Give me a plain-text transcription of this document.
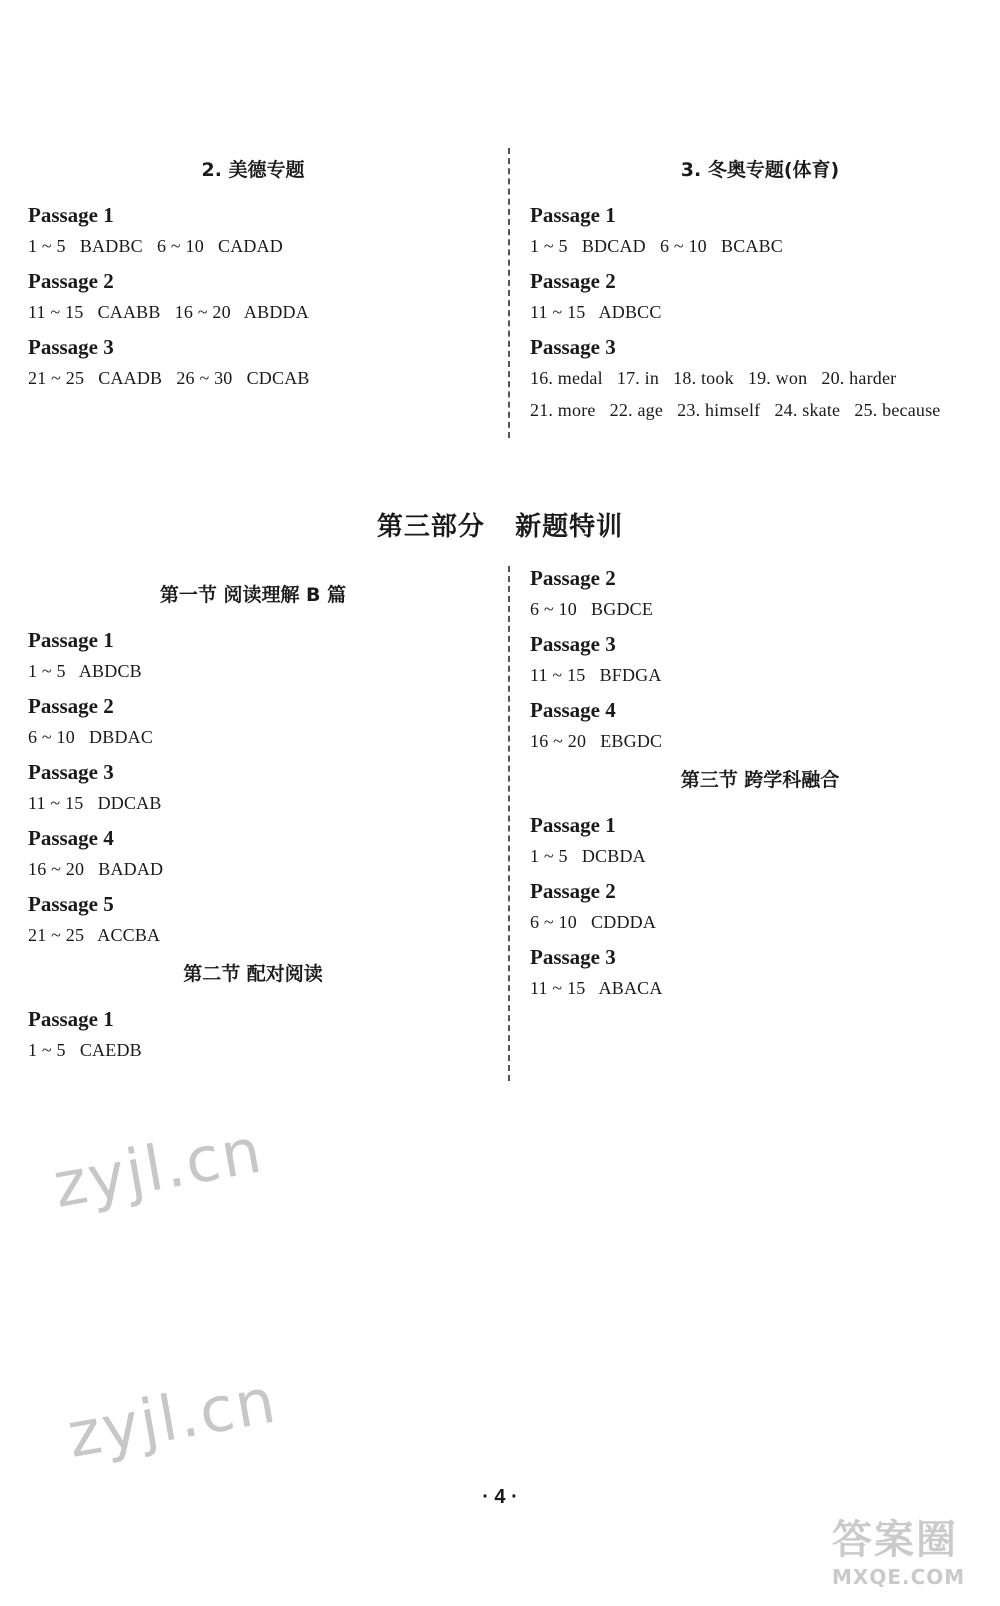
2. 美德专题
Passage 1
1 ~ 5   BADBC   6 ~ 10   CADAD
Passage 2
11 ~ 15   CAABB   16 ~ 20   ABDDA
Passage 3
21 ~ 25   CAADB   26 ~ 30   CDCAB
3. 冬奥专题(体育)
Passage 1
1 ~ 5   BDCAD   6 ~ 10   BCABC
Passage 2
11 ~ 15   ADBCC
Passage 3
16. medal   17. in   18. took   19. won   20. harder
21. more   22. age   23. himself   24. skate   25. because
第三部分   新题特训
第一节 阅读理解 B 篇
Passage 1
1 ~ 5   ABDCB
Passage 2
6 ~ 10   DBDAC
Passage 3
11 ~ 15   DDCAB
Passage 4
16 ~ 20   BADAD
Passage 5
21 ~ 25   ACCBA
第二节 配对阅读
Passage 1
1 ~ 5   CAEDB
Passage 2
6 ~ 10   BGDCE
Passage 3
11 ~ 15   BFDGA
Passage 4
16 ~ 20   EBGDC
第三节 跨学科融合
Passage 1
1 ~ 5   DCBDA
Passage 2
6 ~ 10   CDDDA
Passage 3
11 ~ 15   ABACA
zyjl.cn
zyjl.cn
· 4 ·
答案圈
MXQE.COM
